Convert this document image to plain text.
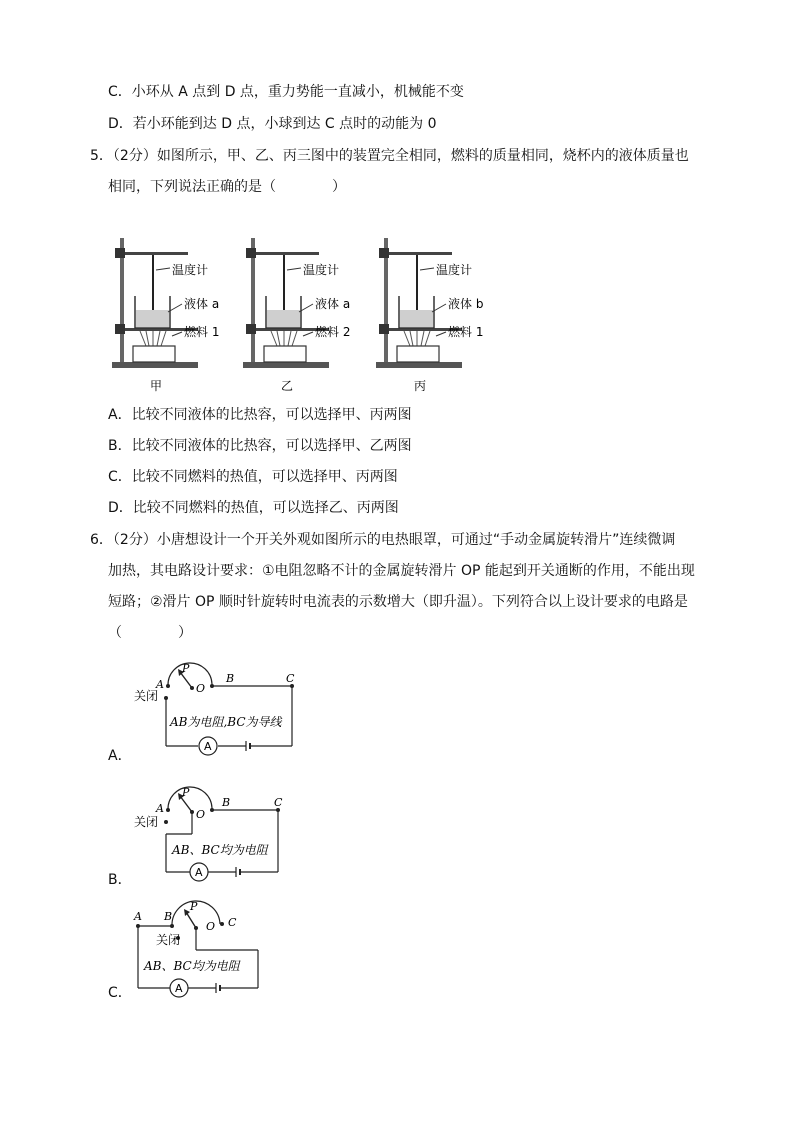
C．小环从 A 点到 D 点，重力势能一直减小，机械能不变
D．若小环能到达 D 点，小球到达 C 点时的动能为 0
5．（2分）如图所示，甲、乙、丙三图中的装置完全相同，燃料的质量相同，烧杯内的液体质量也
相同，下列说法正确的是（　　　　）
温度计
液体 a
燃料 1
甲
温度计
液体 a
燃料 2
乙
温度计
液体 b
燃料 1
丙
A．比较不同液体的比热容，可以选择甲、丙两图
B．比较不同液体的比热容，可以选择甲、乙两图
C．比较不同燃料的热值，可以选择甲、丙两图
D．比较不同燃料的热值，可以选择乙、丙两图
6．（2分）小唐想设计一个开关外观如图所示的电热眼罩，可通过“手动金属旋转滑片”连续微调
加热，其电路设计要求：①电阻忽略不计的金属旋转滑片 OP 能起到开关通断的作用，不能出现
短路；②滑片 OP 顺时针旋转时电流表的示数增大（即升温）。下列符合以上设计要求的电路是
（　　　　）
A
A	B	C
P
O
关闭
AB为电阻,BC为导线
A．
A
A	B	C
P
O
关闭
AB、BC均为电阻
B．
A
A B	C
P
O
关闭
AB、BC均为电阻
C．
